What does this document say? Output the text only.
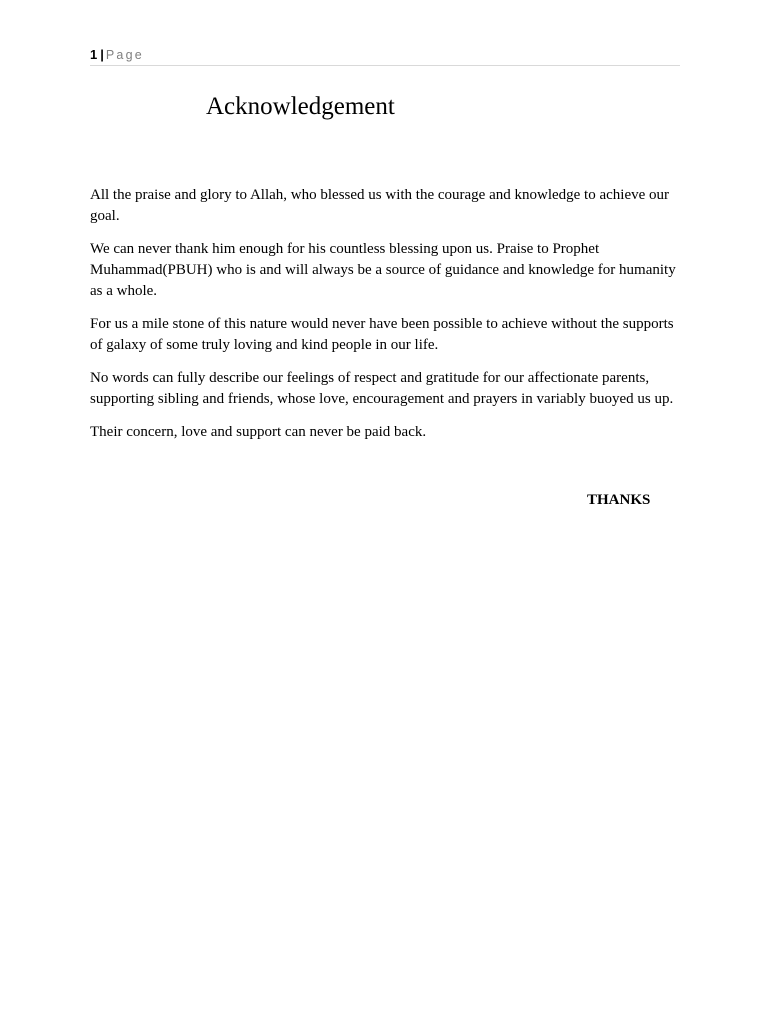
1 | Page
Acknowledgement

All the praise and glory to Allah, who blessed us with the courage and knowledge to achieve our goal.

We can never thank him enough for his countless blessing upon us. Praise to Prophet Muhammad(PBUH) who is and will always be a source of guidance and knowledge for humanity as a whole.

For us a mile stone of this nature would never have been possible to achieve without the supports of galaxy of some truly loving and kind people in our life.

No words can fully describe our feelings of respect and gratitude for our affectionate parents, supporting sibling and friends, whose love, encouragement and prayers in variably buoyed us up.

Their concern, love and support can never be paid back.

THANKS
